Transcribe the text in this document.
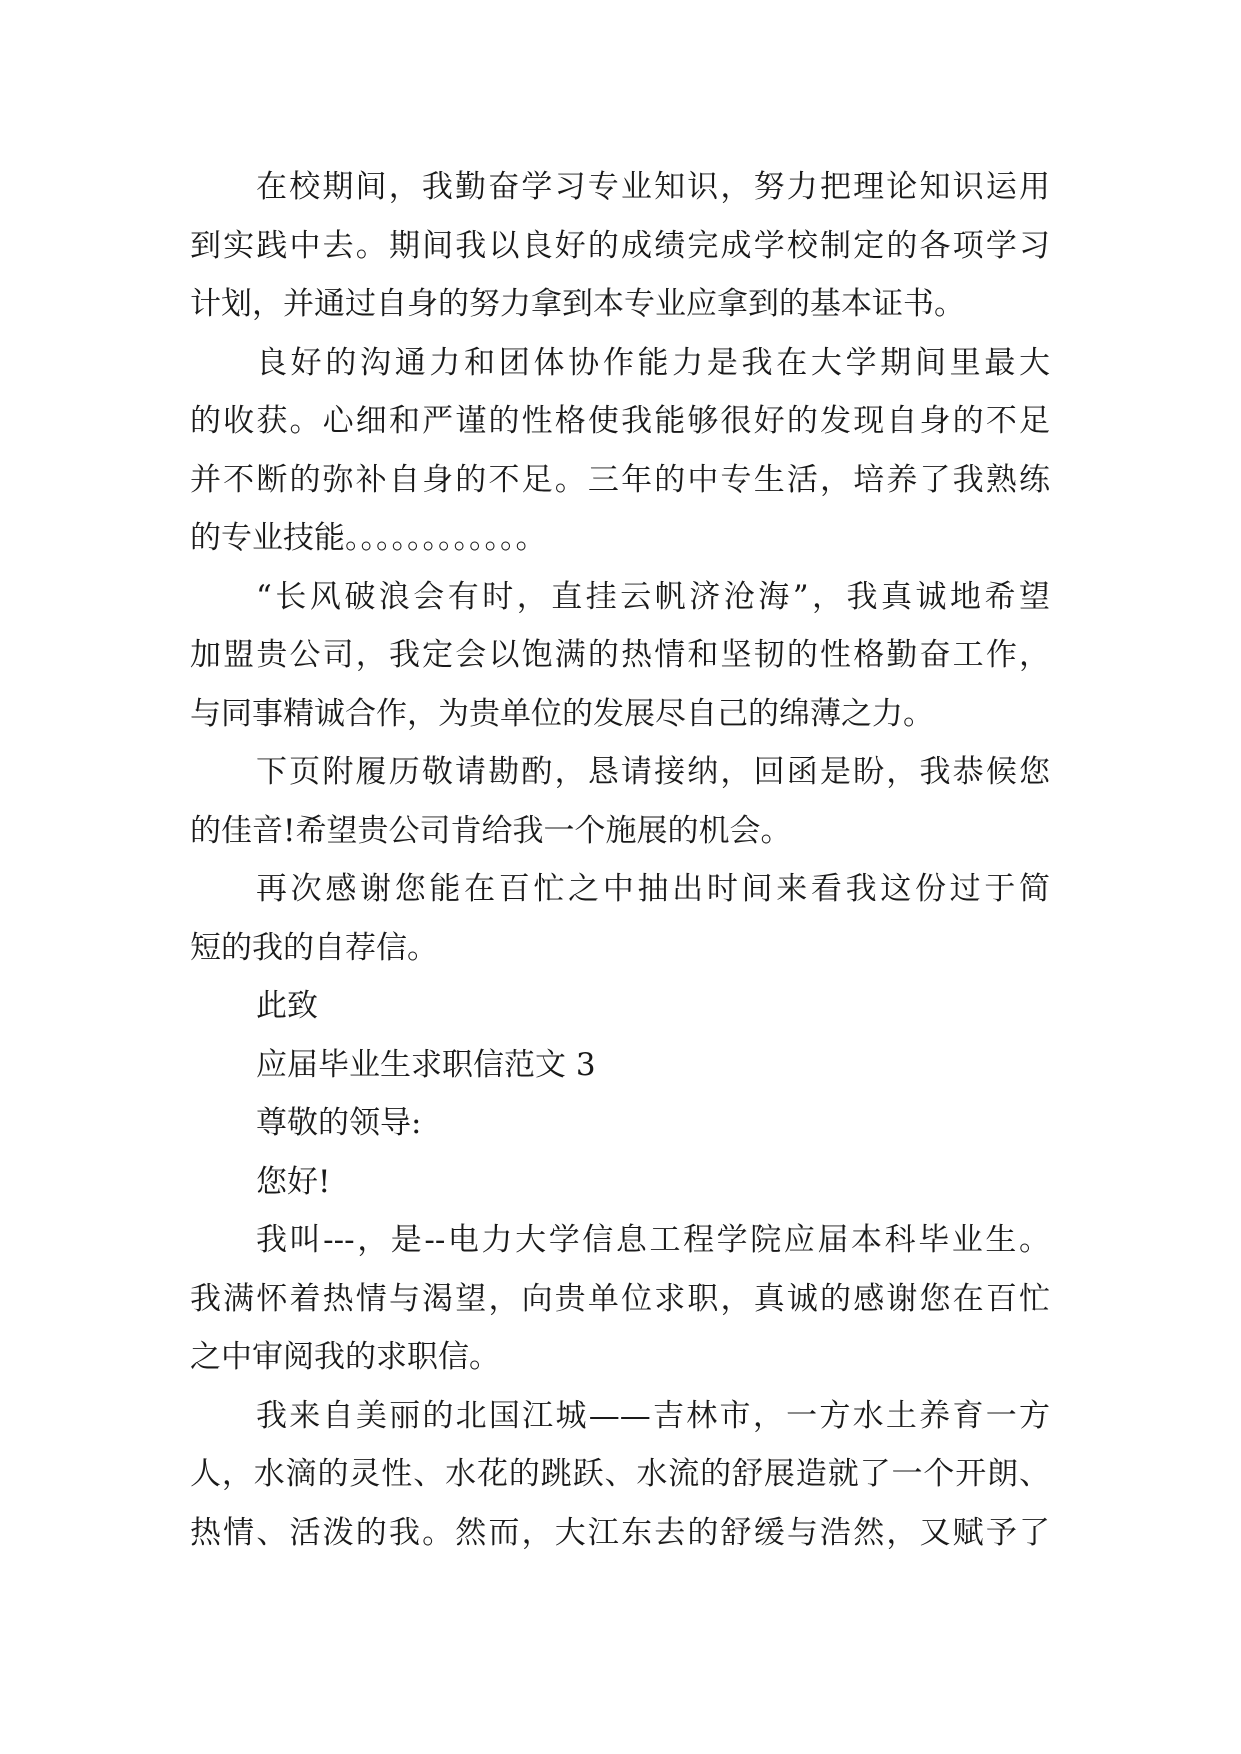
在校期间，我勤奋学习专业知识，努力把理论知识运用
到实践中去。期间我以良好的成绩完成学校制定的各项学习
计划，并通过自身的努力拿到本专业应拿到的基本证书。
良好的沟通力和团体协作能力是我在大学期间里最大
的收获。心细和严谨的性格使我能够很好的发现自身的不足
并不断的弥补自身的不足。三年的中专生活，培养了我熟练
的专业技能。。。。。。。。。。。。
“长风破浪会有时，直挂云帆济沧海”，我真诚地希望
加盟贵公司，我定会以饱满的热情和坚韧的性格勤奋工作，
与同事精诚合作，为贵单位的发展尽自己的绵薄之力。
下页附履历敬请勘酌，恳请接纳，回函是盼，我恭候您
的佳音!希望贵公司肯给我一个施展的机会。
再次感谢您能在百忙之中抽出时间来看我这份过于简
短的我的自荐信。
此致
应届毕业生求职信范文 3
尊敬的领导:
您好!
我叫---，是--电力大学信息工程学院应届本科毕业生。
我满怀着热情与渴望，向贵单位求职，真诚的感谢您在百忙
之中审阅我的求职信。
我来自美丽的北国江城——吉林市，一方水土养育一方
人，水滴的灵性、水花的跳跃、水流的舒展造就了一个开朗、
热情、活泼的我。然而，大江东去的舒缓与浩然，又赋予了
